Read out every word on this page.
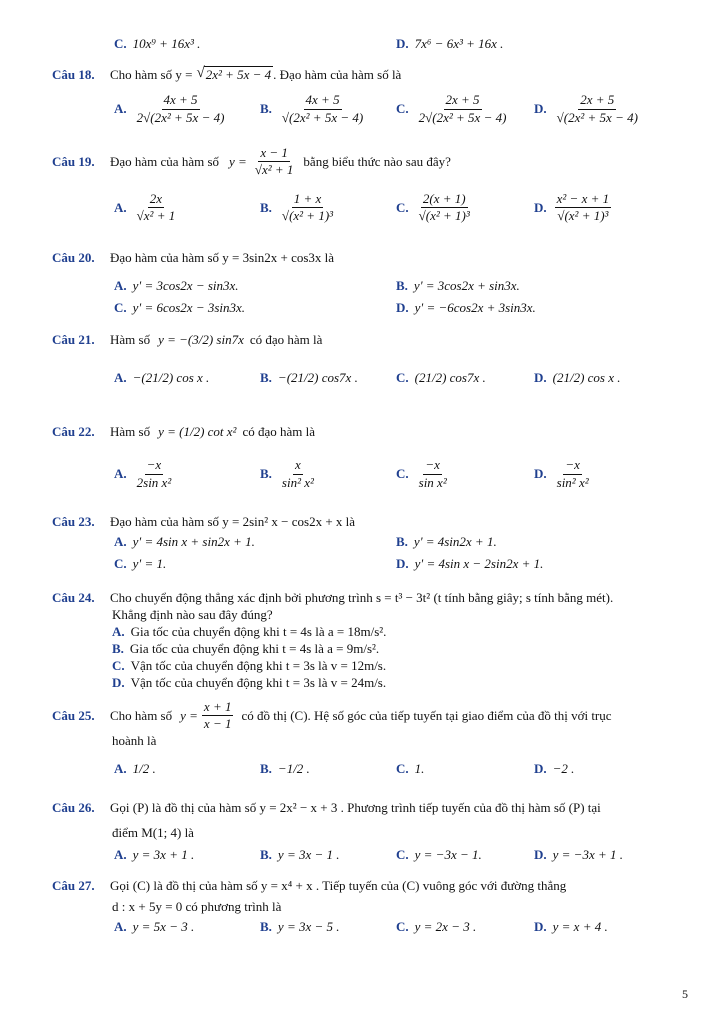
C. 10x⁹ + 16x³ .	D. 7x⁶ − 6x³ + 16x .
Câu 18.	Cho hàm số y = √ 2x² + 5x − 4 . Đạo hàm của hàm số là
A. $\frac{4x + 5}{\text{2√(2x² + 5x − 4)}}$	B. $\frac{4x + 5}{\text{√(2x² + 5x − 4)}} C$. $\frac{2x + 5}{\text{2√(2x² + 5x − 4)}} D$. $\frac{2x + 5}{\text{√(2x² + 5x − 4)}}$
Câu 19.	Đạo hàm của hàm số $y = \frac{x - 1}{\text{√x² + 1}}$ bằng biểu thức nào sau đây?
A. $\frac{2x}{\text{√x² + 1}}$	B. $\frac{1 + x}{\text{√(x² + 1)³}}$	C. $\frac{2(x + 1)}{\text{√(x² + 1)³}}$	D. $\frac{\text{x² − x + 1}}{\text{√(x² + 1)³}}$
Câu 20.	Đạo hàm của hàm số y = 3sin2x + cos3x là
A. y' = 3cos2x − sin3x.	B. y' = 3cos2x + sin3x.
C. y' = 6cos2x − 3sin3x.	D. y' = −6cos2x + 3sin3x.
Câu 21.	Hàm số y = −(3/2) sin7x có đạo hàm là
A. −(21/2) cos x .	B. −(21/2) cos7x .	C. (21/2) cos7x .	D. (21/2) cos x .
Câu 22.	Hàm số y = (1/2) cot x² có đạo hàm là
A. $\frac{-x}{\text{2sin x²}}$	B. $\frac{x}{\text{sin² x²}}$	C. $\frac{-x}{\text{sin x²}}$	D. $\frac{-x}{\text{sin² x²}}$
Câu 23.	Đạo hàm của hàm số y = 2sin² x − cos2x + x là
A. y' = 4sin x + sin2x + 1.	B. y' = 4sin2x + 1.
C. y' = 1.	D. y' = 4sin x − 2sin2x + 1.
Câu 24.	Cho chuyển động thẳng xác định bởi phương trình s = t³ − 3t² (t tính bằng giây; s tính bằng mét).
Khẳng định nào sau đây đúng?
A. Gia tốc của chuyển động khi t = 4s là a = 18m/s².
B. Gia tốc của chuyển động khi t = 4s là a = 9m/s².
C. Vận tốc của chuyển động khi t = 3s là v = 12m/s.
D. Vận tốc của chuyển động khi t = 3s là v = 24m/s.
Câu 25.	Cho hàm số $y = \frac{x + 1}{x - 1}$ có đồ thị (C). Hệ số góc của tiếp tuyến tại giao điểm của đồ thị với trục
hoành là
A. 1/2 .	B. −1/2 .	C. 1.	D. −2 .
Câu 26.	Gọi (P) là đồ thị của hàm số y = 2x² − x + 3 . Phương trình tiếp tuyến của đồ thị hàm số (P) tại
điểm M(1; 4) là
A. y = 3x + 1 .	B. y = 3x − 1 .	C. y = −3x − 1.	D. y = −3x + 1 .
Câu 27.	Gọi (C) là đồ thị của hàm số y = x⁴ + x . Tiếp tuyến của (C) vuông góc với đường thẳng
d : x + 5y = 0 có phương trình là
A. y = 5x − 3 .	B. y = 3x − 5 .	C. y = 2x − 3 .	D. y = x + 4 .
5
